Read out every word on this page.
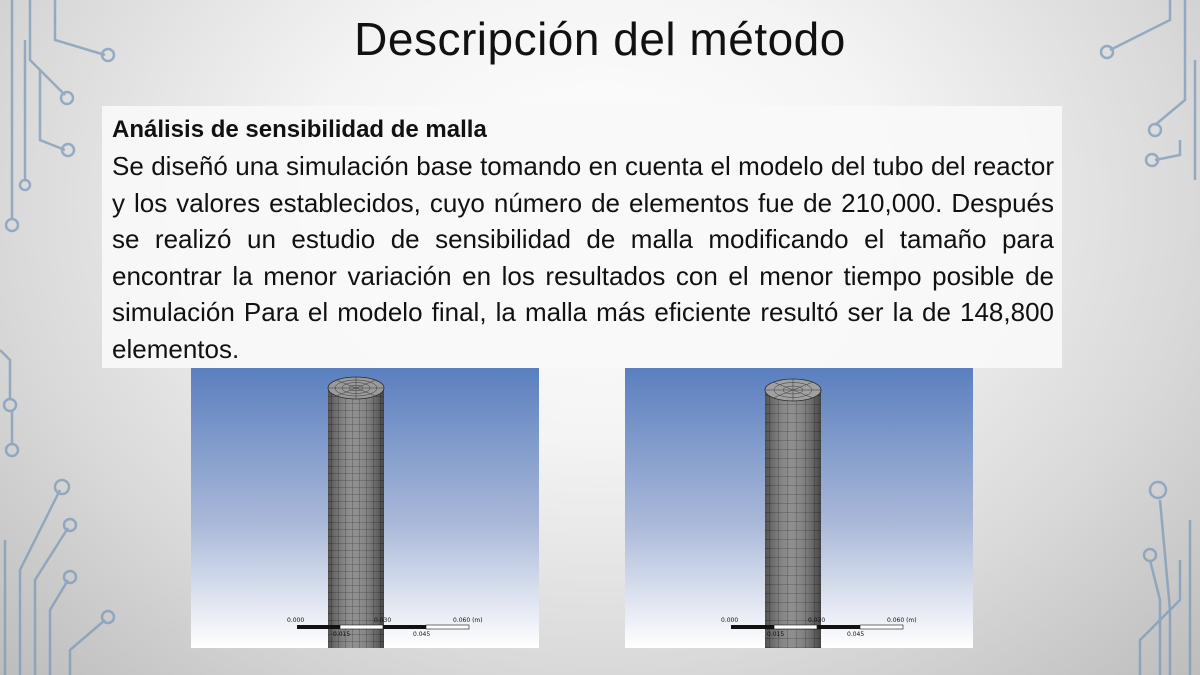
Descripción del método
Análisis de sensibilidad de malla
Se diseñó una simulación base tomando en cuenta el modelo del tubo del reactor y los valores establecidos, cuyo número de elementos fue de 210,000. Después se realizó un estudio de sensibilidad de malla modificando el tamaño para encontrar la menor variación en los resultados con el menor tiempo posible de simulación Para el modelo final, la malla más eficiente resultó ser la de 148,800 elementos.
0.000	0.030	0.060 (m)
0.015	0.045
0.000	0.030	0.060 (m)
0.015	0.045
